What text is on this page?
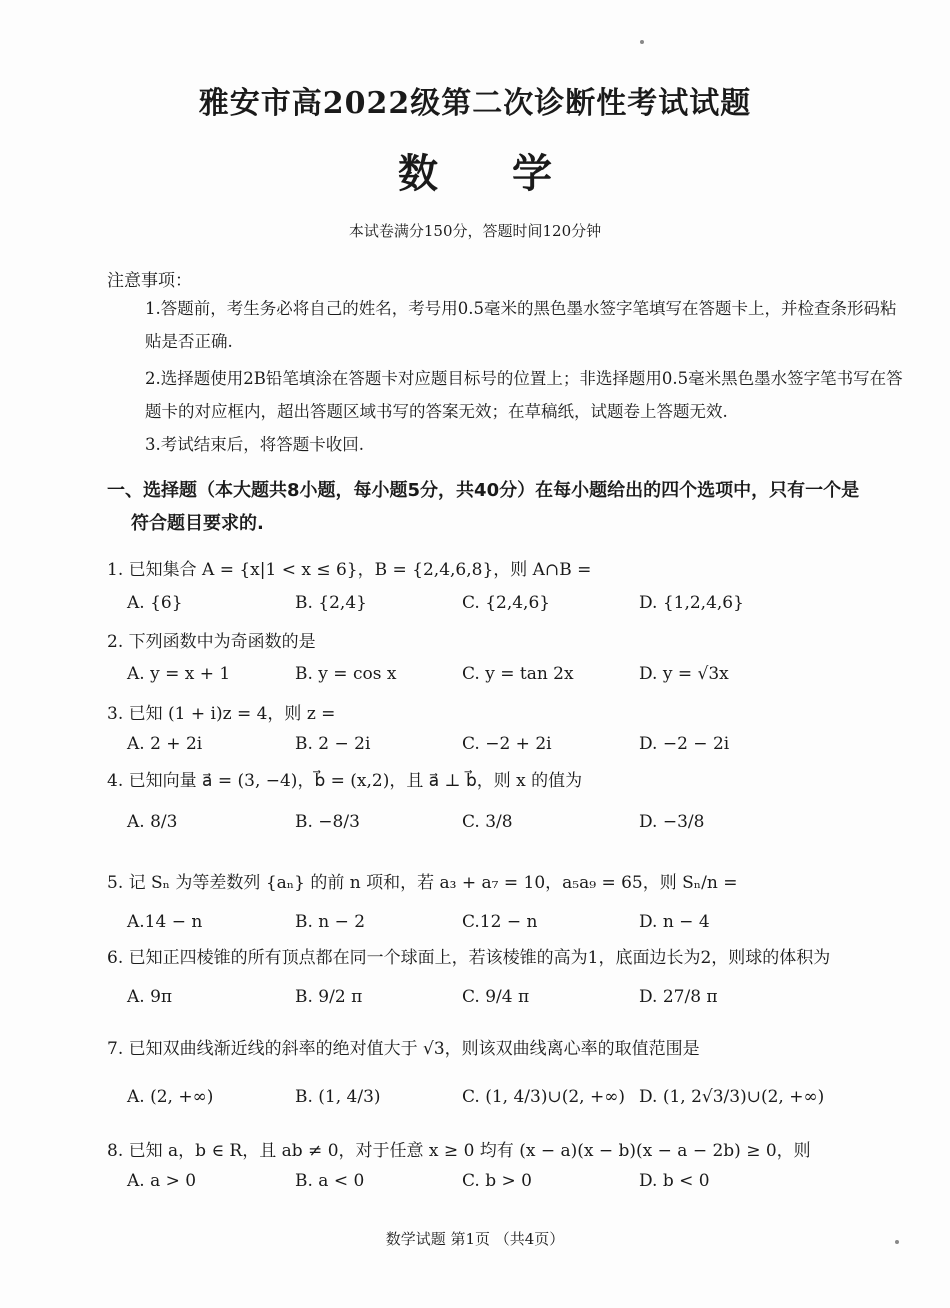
雅安市高2022级第二次诊断性考试试题
数 学
本试卷满分150分，答题时间120分钟
注意事项：
1.答题前，考生务必将自己的姓名，考号用0.5毫米的黑色墨水签字笔填写在答题卡上，并检查条形码粘贴是否正确.
2.选择题使用2B铅笔填涂在答题卡对应题目标号的位置上；非选择题用0.5毫米黑色墨水签字笔书写在答题卡的对应框内，超出答题区域书写的答案无效；在草稿纸，试题卷上答题无效.
3.考试结束后，将答题卡收回.
一、选择题（本大题共8小题，每小题5分，共40分）在每小题给出的四个选项中，只有一个是
符合题目要求的.
1. 已知集合 A = {x|1 < x ≤ 6}，B = {2,4,6,8}，则 A∩B =
A. {6}	B. {2,4}	C. {2,4,6}	D. {1,2,4,6}
2. 下列函数中为奇函数的是
A. y = x + 1	B. y = cos x	C. y = tan 2x	D. y = √3x
3. 已知 (1 + i)z = 4，则 z =
A. 2 + 2i	B. 2 − 2i	C. −2 + 2i	D. −2 − 2i
4. 已知向量 a⃗ = (3, −4)，b⃗ = (x,2)，且 a⃗ ⊥ b⃗，则 x 的值为
A. 8/3	B. −8/3	C. 3/8	D. −3/8
5. 记 Sₙ 为等差数列 {aₙ} 的前 n 项和，若 a₃ + a₇ = 10，a₅a₉ = 65，则 Sₙ/n =
A.14 − n	B. n − 2	C.12 − n	D. n − 4
6. 已知正四棱锥的所有顶点都在同一个球面上，若该棱锥的高为1，底面边长为2，则球的体积为
A. 9π	B. 9/2 π	C. 9/4 π	D. 27/8 π
7. 已知双曲线渐近线的斜率的绝对值大于 √3，则该双曲线离心率的取值范围是
A. (2, +∞)	B. (1, 4/3)	C. (1, 4/3)∪(2, +∞) D. (1, 2√3/3)∪(2, +∞)
8. 已知 a，b ∈ R，且 ab ≠ 0，对于任意 x ≥ 0 均有 (x − a)(x − b)(x − a − 2b) ≥ 0，则
A. a > 0	B. a < 0	C. b > 0	D. b < 0
数学试题 第1页 （共4页）
